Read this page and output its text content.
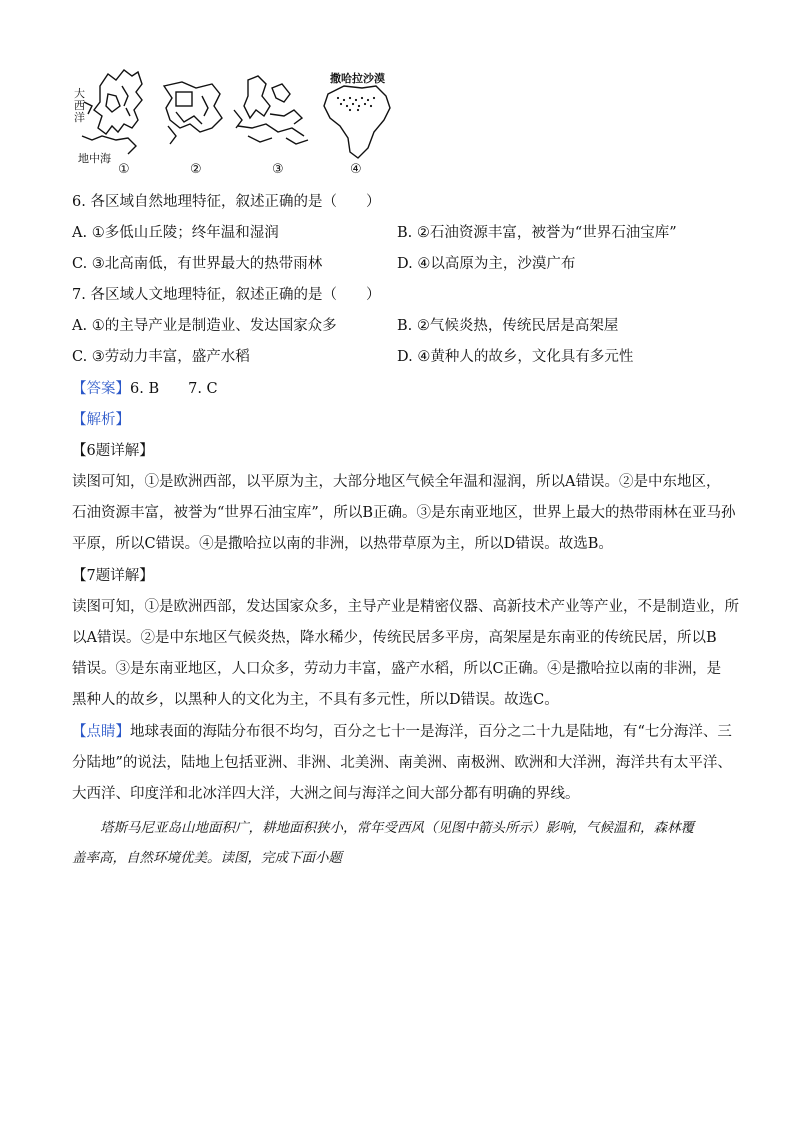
大
西
洋
地中海
撒哈拉沙漠
①	②	③	④
6. 各区域自然地理特征，叙述正确的是（　　）
A. ①多低山丘陵；终年温和湿润	B. ②石油资源丰富，被誉为“世界石油宝库”
C. ③北高南低，有世界最大的热带雨林	D. ④以高原为主，沙漠广布
7. 各区域人文地理特征，叙述正确的是（　　）
A. ①的主导产业是制造业、发达国家众多	B. ②气候炎热，传统民居是高架屋
C. ③劳动力丰富，盛产水稻	D. ④黄种人的故乡，文化具有多元性
【答案】6. B　　7. C
【解析】
【6题详解】
读图可知，①是欧洲西部，以平原为主，大部分地区气候全年温和湿润，所以A错误。②是中东地区，
石油资源丰富，被誉为“世界石油宝库”，所以B正确。③是东南亚地区，世界上最大的热带雨林在亚马孙
平原，所以C错误。④是撒哈拉以南的非洲，以热带草原为主，所以D错误。故选B。
【7题详解】
读图可知，①是欧洲西部，发达国家众多，主导产业是精密仪器、高新技术产业等产业，不是制造业，所
以A错误。②是中东地区气候炎热，降水稀少，传统民居多平房，高架屋是东南亚的传统民居，所以B
错误。③是东南亚地区，人口众多，劳动力丰富，盛产水稻，所以C正确。④是撒哈拉以南的非洲，是
黑种人的故乡，以黑种人的文化为主，不具有多元性，所以D错误。故选C。
【点睛】地球表面的海陆分布很不均匀，百分之七十一是海洋，百分之二十九是陆地，有“七分海洋、三
分陆地”的说法，陆地上包括亚洲、非洲、北美洲、南美洲、南极洲、欧洲和大洋洲，海洋共有太平洋、
大西洋、印度洋和北冰洋四大洋，大洲之间与海洋之间大部分都有明确的界线。
塔斯马尼亚岛山地面积广，耕地面积狭小，常年受西风（见图中箭头所示）影响，气候温和，森林覆
盖率高，自然环境优美。读图，完成下面小题
